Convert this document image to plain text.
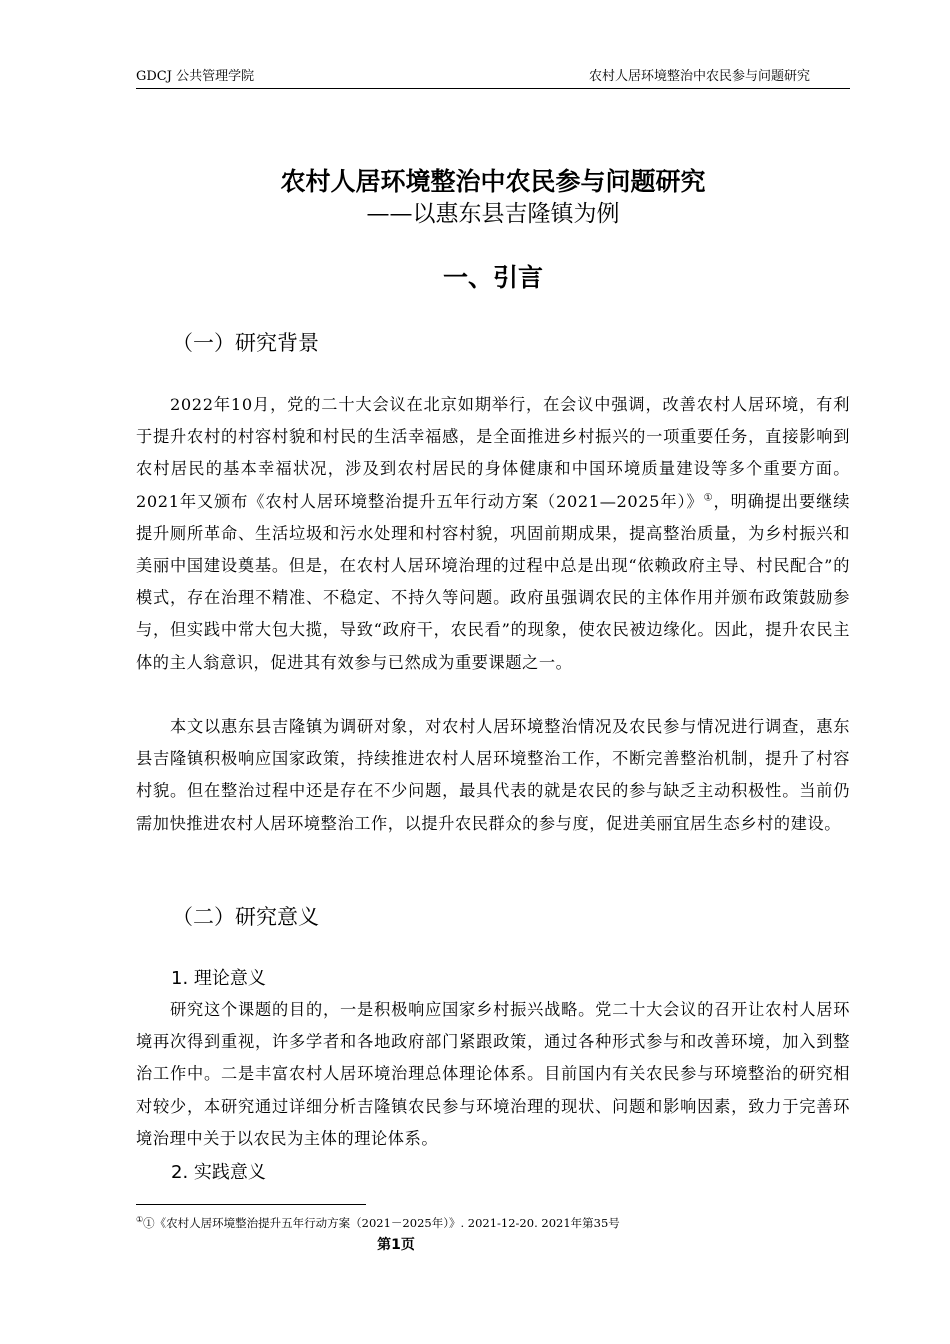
GDCJ 公共管理学院	农村人居环境整治中农民参与问题研究
农村人居环境整治中农民参与问题研究
——以惠东县吉隆镇为例
一、引言
（一）研究背景

2022年10月，党的二十大会议在北京如期举行，在会议中强调，改善农村人居环境，有利于提升农村的村容村貌和村民的生活幸福感，是全面推进乡村振兴的一项重要任务，直接影响到农村居民的基本幸福状况，涉及到农村居民的身体健康和中国环境质量建设等多个重要方面。2021年又颁布《农村人居环境整治提升五年行动方案（2021—2025年）》①，明确提出要继续提升厕所革命、生活垃圾和污水处理和村容村貌，巩固前期成果，提高整治质量，为乡村振兴和美丽中国建设奠基。但是，在农村人居环境治理的过程中总是出现“依赖政府主导、村民配合”的模式，存在治理不精准、不稳定、不持久等问题。政府虽强调农民的主体作用并颁布政策鼓励参与，但实践中常大包大揽，导致“政府干，农民看”的现象，使农民被边缘化。因此，提升农民主体的主人翁意识，促进其有效参与已然成为重要课题之一。

本文以惠东县吉隆镇为调研对象，对农村人居环境整治情况及农民参与情况进行调查，惠东县吉隆镇积极响应国家政策，持续推进农村人居环境整治工作，不断完善整治机制，提升了村容村貌。但在整治过程中还是存在不少问题，最具代表的就是农民的参与缺乏主动积极性。当前仍需加快推进农村人居环境整治工作，以提升农民群众的参与度，促进美丽宜居生态乡村的建设。

（二）研究意义
1. 理论意义

研究这个课题的目的，一是积极响应国家乡村振兴战略。党二十大会议的召开让农村人居环境再次得到重视，许多学者和各地政府部门紧跟政策，通过各种形式参与和改善环境，加入到整治工作中。二是丰富农村人居环境治理总体理论体系。目前国内有关农民参与环境整治的研究相对较少，本研究通过详细分析吉隆镇农民参与环境治理的现状、问题和影响因素，致力于完善环境治理中关于以农民为主体的理论体系。

2. 实践意义
①①《农村人居环境整治提升五年行动方案（2021－2025年）》. 2021-12-20. 2021年第35号
第1页
